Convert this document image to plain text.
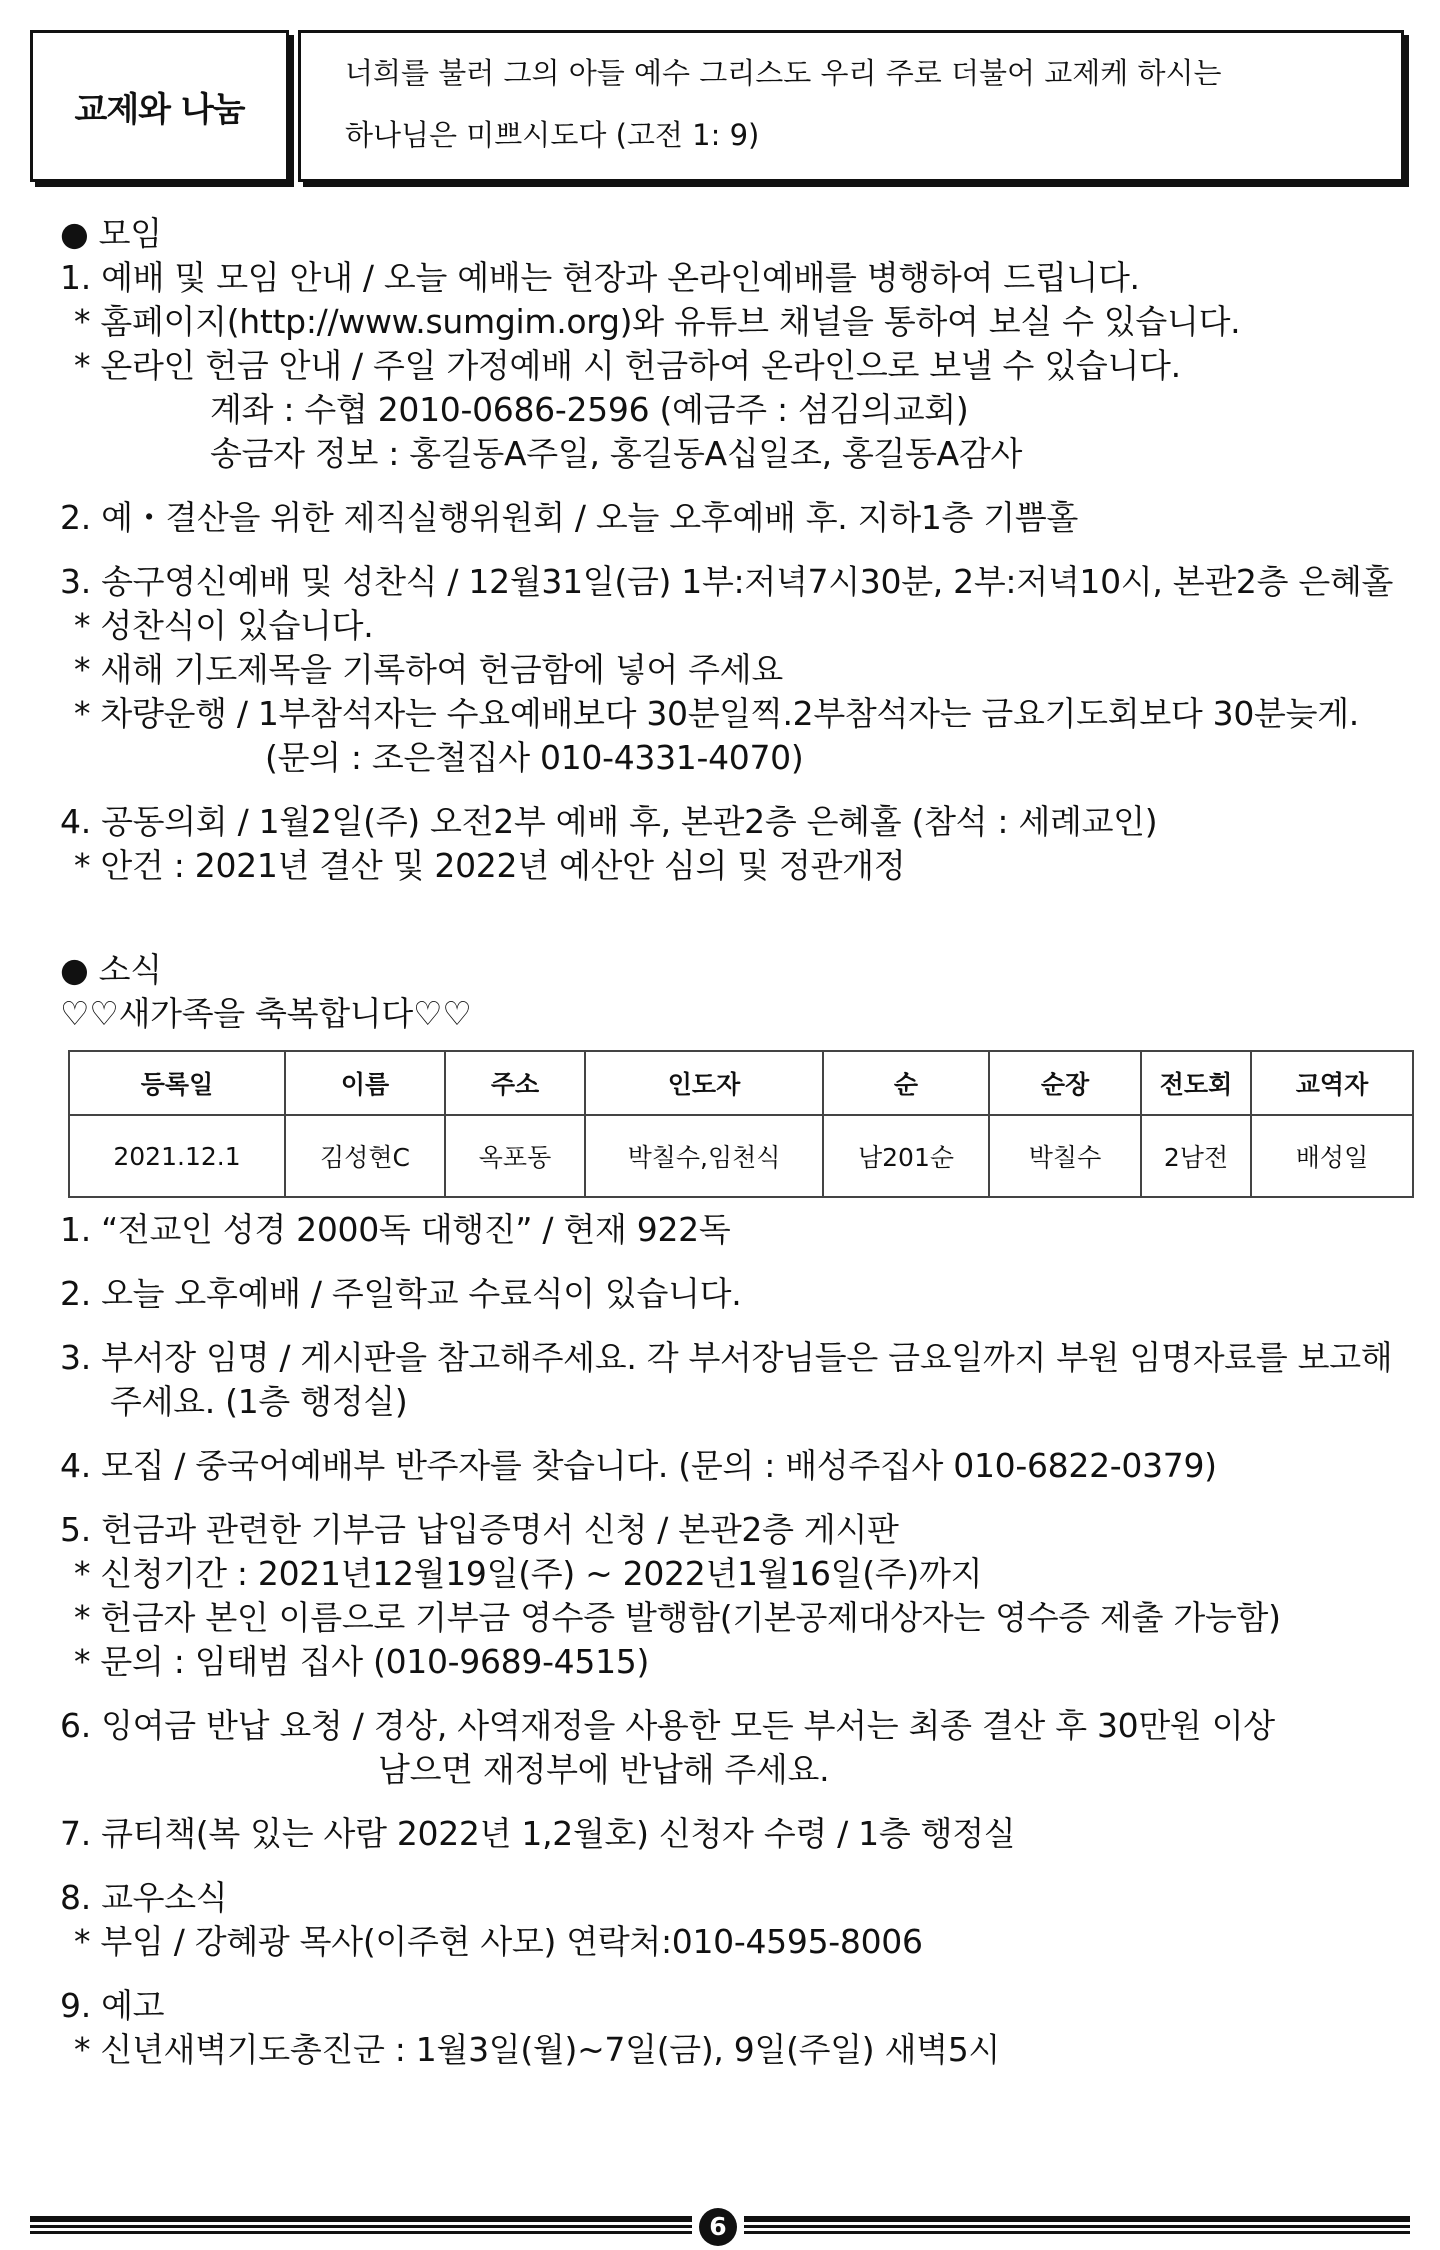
교제와 나눔
너희를 불러 그의 아들 예수 그리스도 우리 주로 더불어 교제케 하시는
하나님은 미쁘시도다 (고전 1: 9)
● 모임
1. 예배 및 모임 안내 / 오늘 예배는 현장과 온라인예배를 병행하여 드립니다.
* 홈페이지(http://www.sumgim.org)와 유튜브 채널을 통하여 보실 수 있습니다.
* 온라인 헌금 안내 / 주일 가정예배 시 헌금하여 온라인으로 보낼 수 있습니다.
계좌 : 수협 2010-0686-2596 (예금주 : 섬김의교회)
송금자 정보 : 홍길동A주일, 홍길동A십일조, 홍길동A감사
2. 예・결산을 위한 제직실행위원회 / 오늘 오후예배 후. 지하1층 기쁨홀
3. 송구영신예배 및 성찬식 / 12월31일(금) 1부:저녁7시30분, 2부:저녁10시, 본관2층 은혜홀
* 성찬식이 있습니다.
* 새해 기도제목을 기록하여 헌금함에 넣어 주세요
* 차량운행 / 1부참석자는 수요예배보다 30분일찍.2부참석자는 금요기도회보다 30분늦게.
(문의 : 조은철집사 010-4331-4070)
4. 공동의회 / 1월2일(주) 오전2부 예배 후, 본관2층 은혜홀 (참석 : 세례교인)
* 안건 : 2021년 결산 및 2022년 예산안 심의 및 정관개정
● 소식
♡♡새가족을 축복합니다♡♡
등록일	이름	주소	인도자	순	순장	전도회	교역자
2021.12.1	김성현C	옥포동	박칠수,임천식	남201순	박칠수	2남전	배성일
1. “전교인 성경 2000독 대행진” / 현재 922독
2. 오늘 오후예배 / 주일학교 수료식이 있습니다.
3. 부서장 임명 / 게시판을 참고해주세요. 각 부서장님들은 금요일까지 부원 임명자료를 보고해
주세요. (1층 행정실)
4. 모집 / 중국어예배부 반주자를 찾습니다. (문의 : 배성주집사 010-6822-0379)
5. 헌금과 관련한 기부금 납입증명서 신청 / 본관2층 게시판
* 신청기간 : 2021년12월19일(주) ~ 2022년1월16일(주)까지
* 헌금자 본인 이름으로 기부금 영수증 발행함(기본공제대상자는 영수증 제출 가능함)
* 문의 : 임태범 집사 (010-9689-4515)
6. 잉여금 반납 요청 / 경상, 사역재정을 사용한 모든 부서는 최종 결산 후 30만원 이상
남으면 재정부에 반납해 주세요.
7. 큐티책(복 있는 사람 2022년 1,2월호) 신청자 수령 / 1층 행정실
8. 교우소식
* 부임 / 강혜광 목사(이주현 사모) 연락처:010-4595-8006
9. 예고
* 신년새벽기도총진군 : 1월3일(월)~7일(금), 9일(주일) 새벽5시
6
